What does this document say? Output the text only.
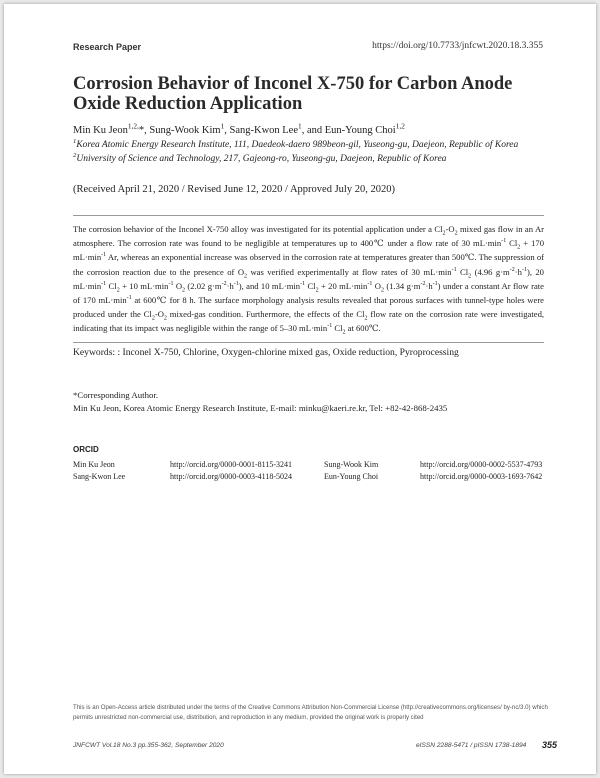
Research Paper	https://doi.org/10.7733/jnfcwt.2020.18.3.355
Corrosion Behavior of Inconel X-750 for Carbon Anode Oxide Reduction Application
Min Ku Jeon$^{1,2,}$*, Sung-Wook Kim$^1$, Sang-Kwon Lee$^1$, and Eun-Young Choi$^{1,2}$
$^1$Korea Atomic Energy Research Institute, 111, Daedeok-daero 989beon-gil, Yuseong-gu, Daejeon, Republic of Korea
$^2$University of Science and Technology, 217, Gajeong-ro, Yuseong-gu, Daejeon, Republic of Korea
(Received April 21, 2020 / Revised June 12, 2020 / Approved July 20, 2020)

The corrosion behavior of the Inconel X-750 alloy was investigated for its potential application under a $Cl_2-O_2$ mixed gas flow in an Ar atmosphere. The corrosion rate was found to be negligible at temperatures up to 400℃ under a flow rate of 30 $mL\cdot\min^{-1}$ $Cl_2 + 170$ $mL\cdot\min^{-1}$ Ar, whereas an exponential increase was observed in the corrosion rate at temperatures greater than 500℃. The suppression of the corrosion reaction due to the presence of $O_2$ was verified experimentally at flow rates of 30 $mL\cdot\min^{-1}$ $Cl_2$ (4.96 $g\cdot m^{-2}\cdot h^{-1}$), 20 $mL\cdot\min^{-1}$ $Cl_2 + 10$ $mL\cdot\min^{-1}$ $O_2$ (2.02 $g\cdot m^{-2}\cdot h^{-1}$), and 10 $mL\cdot\min^{-1}$ $Cl_2 + 20$ $mL\cdot\min^{-1}$ $O_2$ (1.34 $g\cdot m^{-2}\cdot h^{-1}$) under a constant Ar flow rate of 170 $mL\cdot\min^{-1}$ at 600℃ for 8 h. The surface morphology analysis results revealed that porous surfaces with tunnel-type holes were produced under the $Cl_2-O_2$ mixed-gas condition. Furthermore, the effects of the $Cl_2$ flow rate on the corrosion rate were investigated, indicating that its impact was negligible within the range of 5–30 $mL\cdot\min^{-1}$ $Cl_2$ at 600℃.

Keywords: : Inconel X-750, Chlorine, Oxygen-chlorine mixed gas, Oxide reduction, Pyroprocessing
*Corresponding Author.
Min Ku Jeon, Korea Atomic Energy Research Institute, E-mail: minku@kaeri.re.kr, Tel: +82-42-868-2435
ORCID
Min Ku Jeon	http://orcid.org/0000-0001-8115-3241	Sung-Wook Kim	http://orcid.org/0000-0002-5537-4793
Sang-Kwon Lee	http://orcid.org/0000-0003-4118-5024	Eun-Young Choi	http://orcid.org/0000-0003-1693-7642
This is an Open-Access article distributed under the terms of the Creative Commons Attribution Non-Commercial License (http://creativecommons.org/licenses/ by-nc/3.0) which permits unrestricted non-commercial use, distribution, and reproduction in any medium, provided the original work is properly cited
JNFCWT Vol.18 No.3 pp.355-362, September 2020	eISSN 2288-5471 / pISSN 1738-1894 355
